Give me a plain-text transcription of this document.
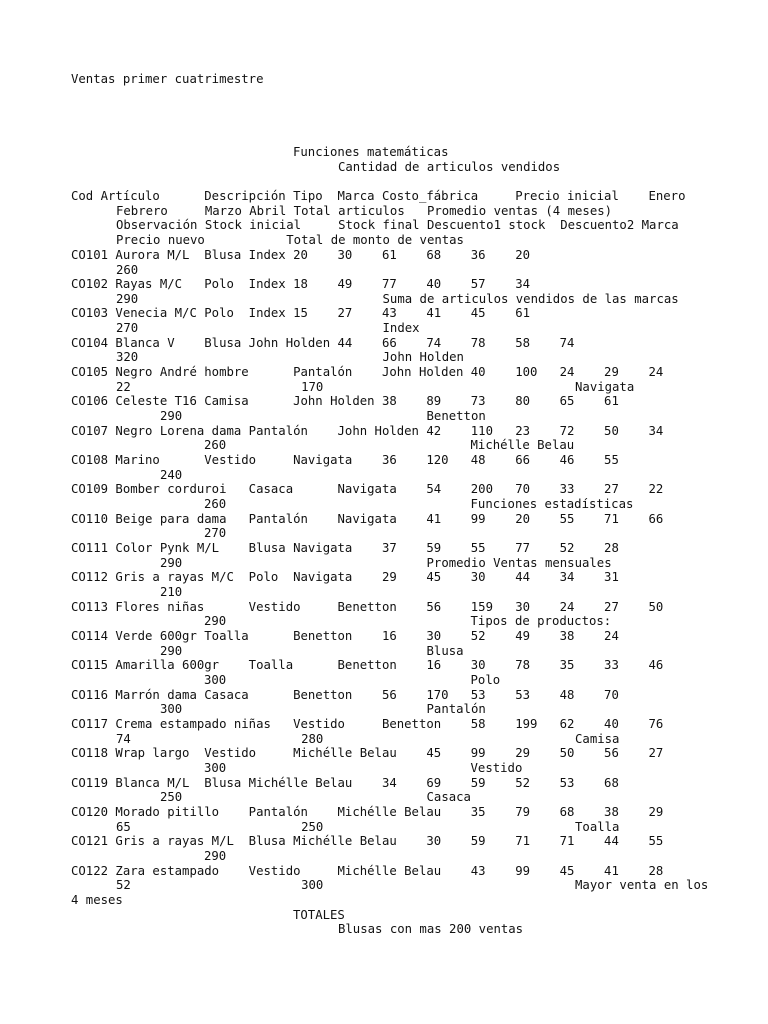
Ventas primer cuatrimestre
Funciones matemáticas
Cantidad de articulos vendidos
Cod Artículo      Descripción Tipo  Marca Costo_fábrica     Precio inicial    Enero
Febrero     Marzo Abril Total articulos   Promedio ventas (4 meses)
Observación Stock inicial     Stock final Descuento1 stock  Descuento2 Marca
Precio nuevo           Total de monto de ventas
CO101 Aurora M/L  Blusa Index 20    30    61    68    36    20
260
CO102 Rayas M/C   Polo  Index 18    49    77    40    57    34
290                                 Suma de articulos vendidos de las marcas
CO103 Venecia M/C Polo  Index 15    27    43    41    45    61
270                                 Index
CO104 Blanca V    Blusa John Holden 44    66    74    78    58    74
320                                 John Holden
CO105 Negro André hombre      Pantalón    John Holden 40    100   24    29    24
22                       170                                  Navigata
CO106 Celeste T16 Camisa      John Holden 38    89    73    80    65    61
290                                 Benetton
CO107 Negro Lorena dama Pantalón    John Holden 42    110   23    72    50    34
260                                 Michélle Belau
CO108 Marino      Vestido     Navigata    36    120   48    66    46    55
240
CO109 Bomber corduroi   Casaca      Navigata    54    200   70    33    27    22
260                                 Funciones estadísticas
CO110 Beige para dama   Pantalón    Navigata    41    99    20    55    71    66
270
CO111 Color Pynk M/L    Blusa Navigata    37    59    55    77    52    28
290                                 Promedio Ventas mensuales
CO112 Gris a rayas M/C  Polo  Navigata    29    45    30    44    34    31
210
CO113 Flores niñas      Vestido     Benetton    56    159   30    24    27    50
290                                 Tipos de productos:
CO114 Verde 600gr Toalla      Benetton    16    30    52    49    38    24
290                                 Blusa
CO115 Amarilla 600gr    Toalla      Benetton    16    30    78    35    33    46
300                                 Polo
CO116 Marrón dama Casaca      Benetton    56    170   53    53    48    70
300                                 Pantalón
CO117 Crema estampado niñas   Vestido     Benetton    58    199   62    40    76
74                       280                                  Camisa
CO118 Wrap largo  Vestido     Michélle Belau    45    99    29    50    56    27
300                                 Vestido
CO119 Blanca M/L  Blusa Michélle Belau    34    69    59    52    53    68
250                                 Casaca
CO120 Morado pitillo    Pantalón    Michélle Belau    35    79    68    38    29
65                       250                                  Toalla
CO121 Gris a rayas M/L  Blusa Michélle Belau    30    59    71    71    44    55
290
CO122 Zara estampado    Vestido     Michélle Belau    43    99    45    41    28
52                       300                                  Mayor venta en los
4 meses
TOTALES
Blusas con mas 200 ventas
